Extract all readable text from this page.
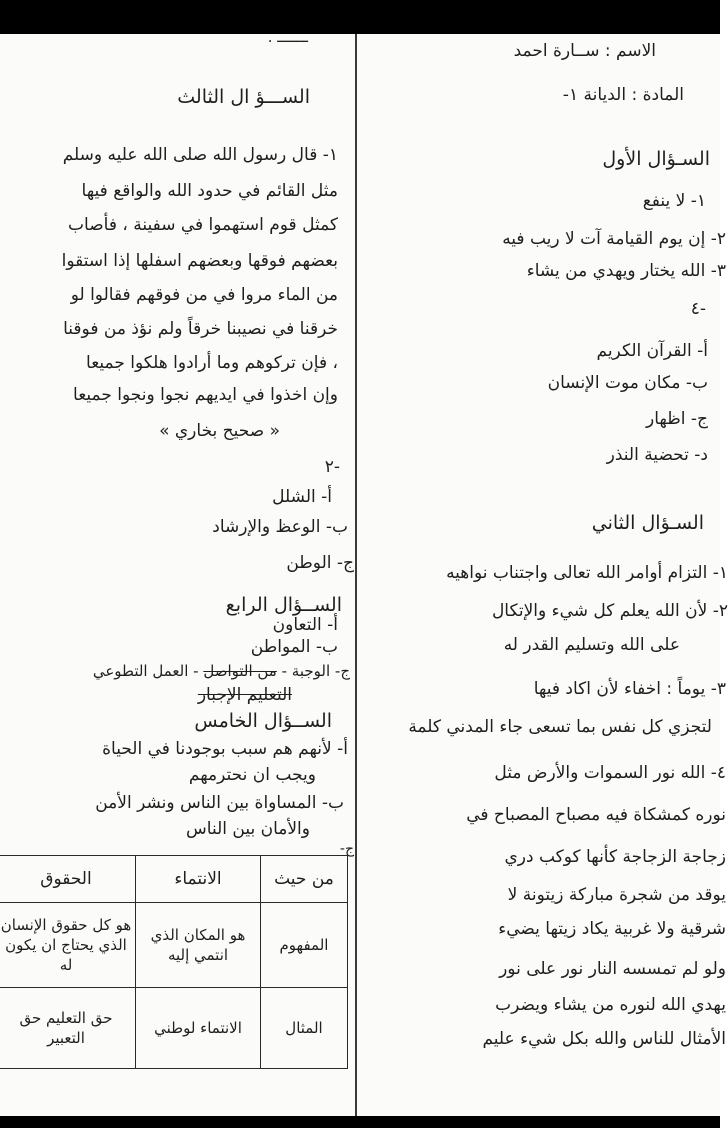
ـــــــ .
الاسم : ســارة احمد
المادة : الديانة ١-
السـؤال الأول
١- لا ينفع
٢- إن يوم القيامة آت لا ريب فيه
٣- الله يختار ويهدي من يشاء
٤-
أ- القرآن الكريم
ب- مكان موت الإنسان
ج- اظهار
د- تحضية النذر
السـؤال الثاني
١- التزام أوامر الله تعالى واجتناب نواهيه
٢- لأن الله يعلم كل شيء والإتكال
على الله وتسليم القدر له
٣- يوماً : اخفاء لأن اكاد فيها
لتجزي كل نفس بما تسعى جاء المدني كلمة
٤- الله نور السموات والأرض مثل
نوره كمشكاة فيه مصباح المصباح في
زجاجة الزجاجة كأنها كوكب دري
يوقد من شجرة مباركة زيتونة لا
شرقية ولا غربية يكاد زيتها يضيء
ولو لم تمسسه النار نور على نور
يهدي الله لنوره من يشاء ويضرب
الأمثال للناس والله بكل شيء عليم
الســـؤ ال الثالث
١- قال رسول الله صلى الله عليه وسلم
مثل القائم في حدود الله والواقع فيها
كمثل قوم استهموا في سفينة ، فأصاب
بعضهم فوقها وبعضهم اسفلها إذا استقوا
من الماء مروا في من فوقهم فقالوا لو
خرقنا في نصيبنا خرقاً ولم نؤذ من فوقنا
، فإن تركوهم وما أرادوا هلكوا جميعا
وإن اخذوا في ايديهم نجوا ونجوا جميعا
« صحيح بخاري »
٢-
أ- الشلل
ب- الوعظ والإرشاد
ج- الوطن
الســؤال الرابع
أ- التعاون
ب- المواطن
ج- الوجبة - من التواصل - العمل التطوعي
التعليم الإجبار
الســؤال الخامس
أ- لأنهم هم سبب بوجودنا في الحياة
ويجب ان نحترمهم
ب- المساواة بين الناس ونشر الأمن
والأمان بين الناس
ج-
من حيث	الانتماء	الحقوق
المفهوم	هو المكان الذي انتمي إليه	هو كل حقوق الإنسان الذي يحتاج ان يكون له
المثال	الانتماء لوطني	حق التعليم حق التعبير
